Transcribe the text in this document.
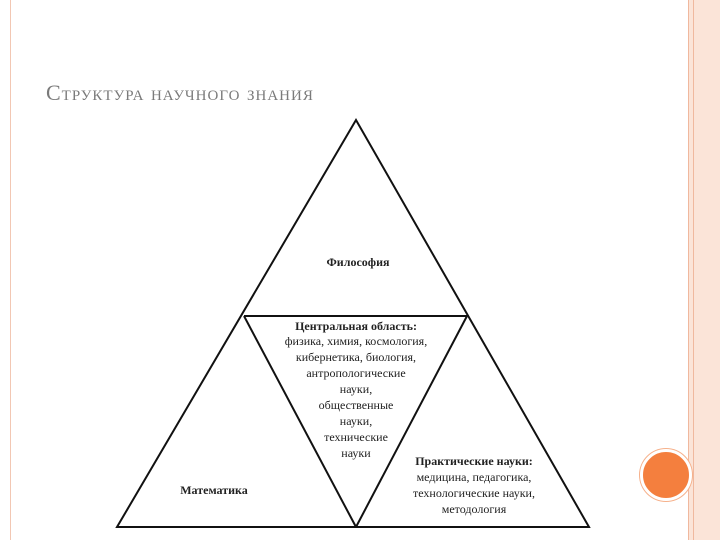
Структура научного знания
Философия
Центральная область:
физика, химия, космология,
кибернетика, биология,
антропологические
науки,
общественные
науки,
технические
науки
Математика
Практические науки:
медицина, педагогика,
технологические науки,
методология
